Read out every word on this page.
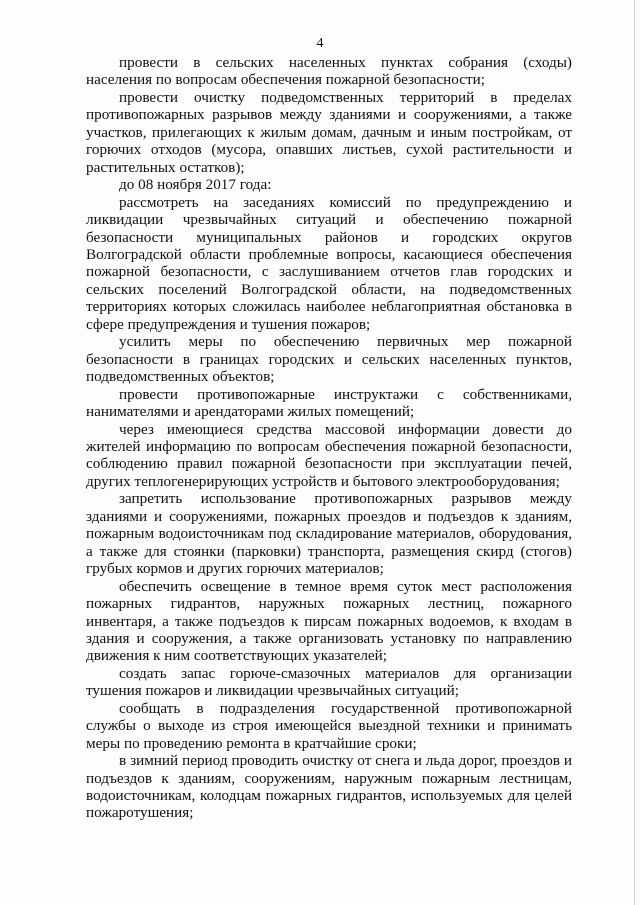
4

провести в сельских населенных пунктах собрания (сходы) населения по вопросам обеспечения пожарной безопасности;

провести очистку подведомственных территорий в пределах противопожарных разрывов между зданиями и сооружениями, а также участков, прилегающих к жилым домам, дачным и иным постройкам, от горючих отходов (мусора, опавших листьев, сухой растительности и растительных остатков);

до 08 ноября 2017 года:

рассмотреть на заседаниях комиссий по предупреждению и ликвидации чрезвычайных ситуаций и обеспечению пожарной безопасности муниципальных районов и городских округов Волгоградской области проблемные вопросы, касающиеся обеспечения пожарной безопасности, с заслушиванием отчетов глав городских и сельских поселений Волгоградской области, на подведомственных территориях которых сложилась наиболее неблагоприятная обстановка в сфере предупреждения и тушения пожаров;

усилить меры по обеспечению первичных мер пожарной безопасности в границах городских и сельских населенных пунктов, подведомственных объектов;

провести противопожарные инструктажи с собственниками, нанимателями и арендаторами жилых помещений;

через имеющиеся средства массовой информации довести до жителей информацию по вопросам обеспечения пожарной безопасности, соблюдению правил пожарной безопасности при эксплуатации печей, других теплогенерирующих устройств и бытового электрооборудования;

запретить использование противопожарных разрывов между зданиями и сооружениями, пожарных проездов и подъездов к зданиям, пожарным водоисточникам под складирование материалов, оборудования, а также для стоянки (парковки) транспорта, размещения скирд (стогов) грубых кормов и других горючих материалов;

обеспечить освещение в темное время суток мест расположения пожарных гидрантов, наружных пожарных лестниц, пожарного инвентаря, а также подъездов к пирсам пожарных водоемов, к входам в здания и сооружения, а также организовать установку по направлению движения к ним соответствующих указателей;

создать запас горюче-смазочных материалов для организации тушения пожаров и ликвидации чрезвычайных ситуаций;

сообщать в подразделения государственной противопожарной службы о выходе из строя имеющейся выездной техники и принимать меры по проведению ремонта в кратчайшие сроки;

в зимний период проводить очистку от снега и льда дорог, проездов и подъездов к зданиям, сооружениям, наружным пожарным лестницам, водоисточникам, колодцам пожарных гидрантов, используемых для целей пожаротушения;
